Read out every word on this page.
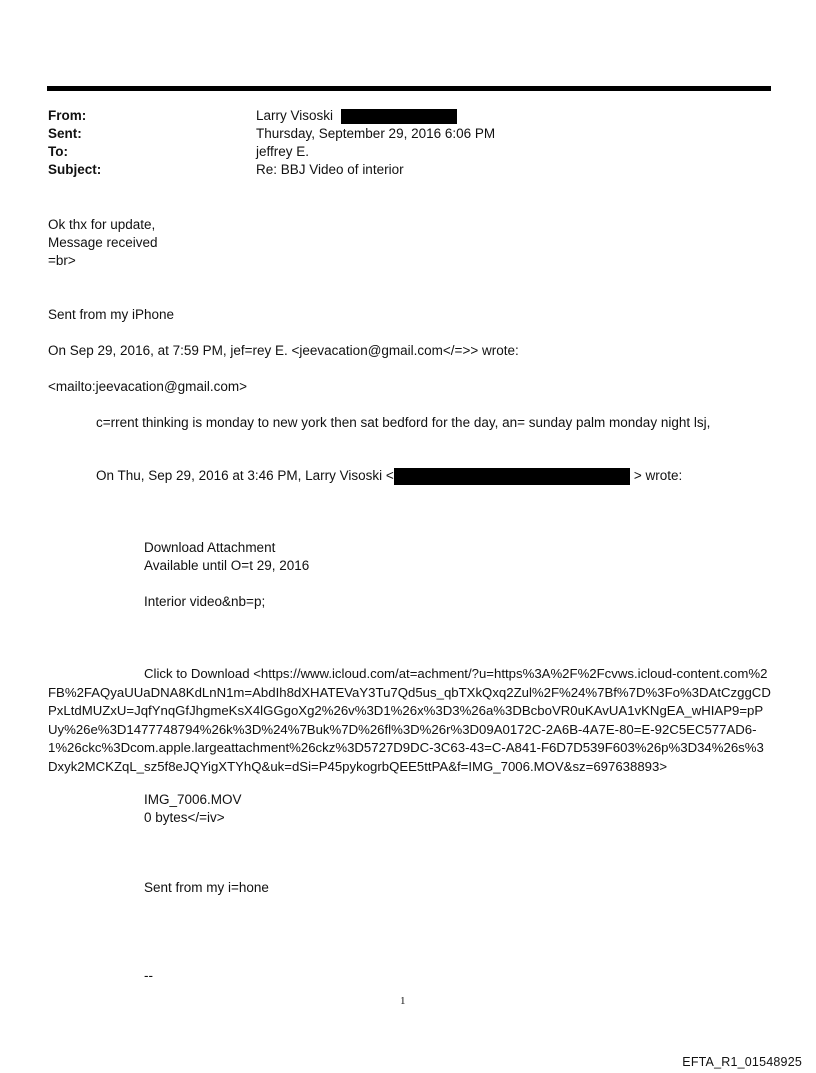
From:	Larry Visoski
Sent:	Thursday, September 29, 2016 6:06 PM
To:	jeffrey E.
Subject:	Re: BBJ Video of interior
Ok thx for update,
Message received
=br>
Sent from my iPhone
On Sep 29, 2016, at 7:59 PM, jef=rey E. <jeevacation@gmail.com</=>> wrote:
<mailto:jeevacation@gmail.com>
c=rrent thinking is monday to new york then sat bedford for the day, an= sunday palm monday night lsj,
On Thu, Sep 29, 2016 at 3:46 PM, Larry Visoski <	> wrote:
Download Attachment
Available until O=t 29, 2016
Interior video&nb=p;
Click to Download <https://www.icloud.com/at=achment/?u=https%3A%2F%2Fcvws.icloud-content.com%2FB%2FAQyaUUaDNA8KdLnN1m=AbdIh8dXHATEVaY3Tu7Qd5us_qbTXkQxq2Zul%2F%24%7Bf%7D%3Fo%3DAtCzggCDPxLtdMUZxU=JqfYnqGfJhgmeKsX4lGGgoXg2%26v%3D1%26x%3D3%26a%3DBcboVR0uKAvUA1vKNgEA_wHIAP9=pPUy%26e%3D1477748794%26k%3D%24%7Buk%7D%26fl%3D%26r%3D09A0172C-2A6B-4A7E-80=E-92C5EC577AD6-1%26ckc%3Dcom.apple.largeattachment%26ckz%3D5727D9DC-3C63-43=C-A841-F6D7D539F603%26p%3D34%26s%3Dxyk2MCKZqL_sz5f8eJQYigXTYhQ&uk=dSi=P45pykogrbQEE5ttPA&f=IMG_7006.MOV&sz=697638893>
IMG_7006.MOV
0 bytes</=iv>
Sent from my i=hone
--
1
EFTA_R1_01548925
